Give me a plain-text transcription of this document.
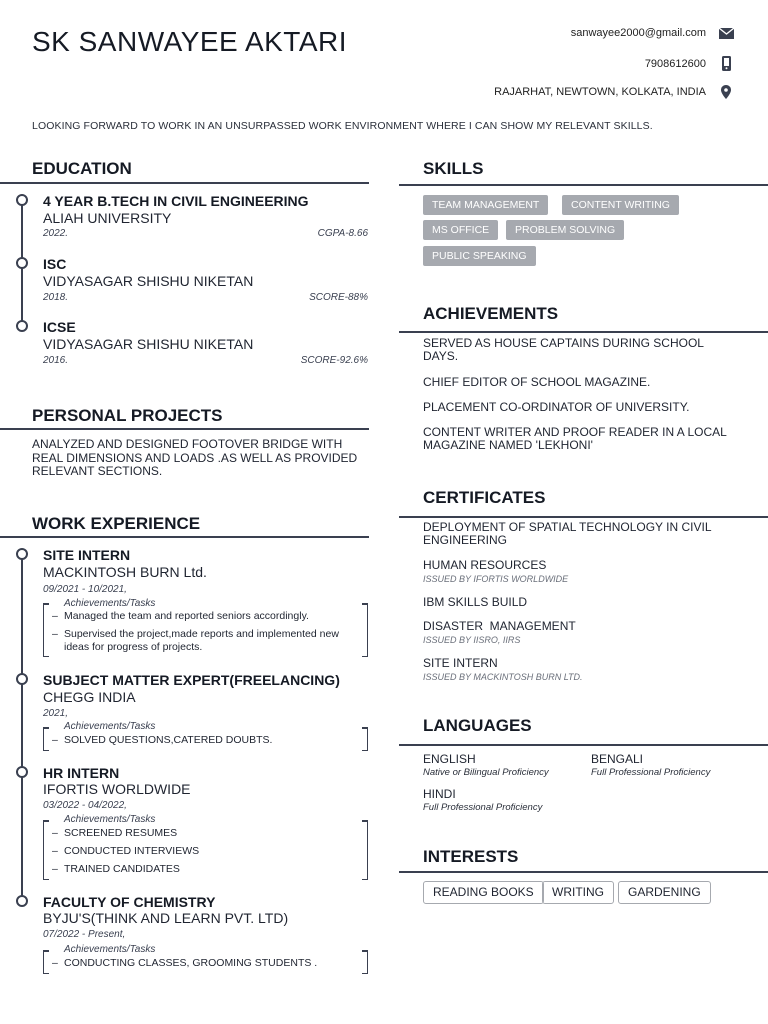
SK SANWAYEE AKTARI	sanwayee2000@gmail.com
7908612600
RAJARHAT, NEWTOWN, KOLKATA, INDIA
LOOKING FORWARD TO WORK IN AN UNSURPASSED WORK ENVIRONMENT WHERE I CAN SHOW MY RELEVANT SKILLS.
EDUCATION
4 YEAR B.TECH IN CIVIL ENGINEERING
ALIAH UNIVERSITY
2022.	CGPA-8.66
ISC
VIDYASAGAR SHISHU NIKETAN
2018.	SCORE-88%
ICSE
VIDYASAGAR SHISHU NIKETAN
2016.	SCORE-92.6%
PERSONAL PROJECTS
ANALYZED AND DESIGNED FOOTOVER BRIDGE WITH
REAL DIMENSIONS AND LOADS .AS WELL AS PROVIDED
RELEVANT SECTIONS.
WORK EXPERIENCE
SITE INTERN
MACKINTOSH BURN Ltd.
09/2021 - 10/2021,
Achievements/Tasks
– Managed the team and reported seniors accordingly.
– Supervised the project,made reports and implemented new ideas for progress of projects.
SUBJECT MATTER EXPERT(FREELANCING)
CHEGG INDIA
2021,
Achievements/Tasks
– SOLVED QUESTIONS,CATERED DOUBTS.
HR INTERN
IFORTIS WORLDWIDE
03/2022 - 04/2022,
Achievements/Tasks
– SCREENED RESUMES
– CONDUCTED INTERVIEWS
– TRAINED CANDIDATES
FACULTY OF CHEMISTRY
BYJU'S(THINK AND LEARN PVT. LTD)
07/2022 - Present,
Achievements/Tasks
– CONDUCTING CLASSES, GROOMING STUDENTS .
SKILLS
TEAM MANAGEMENT	CONTENT WRITING
MS OFFICE	PROBLEM SOLVING
PUBLIC SPEAKING
ACHIEVEMENTS
SERVED AS HOUSE CAPTAINS DURING SCHOOL DAYS.
CHIEF EDITOR OF SCHOOL MAGAZINE.
PLACEMENT CO-ORDINATOR OF UNIVERSITY.
CONTENT WRITER AND PROOF READER IN A LOCAL MAGAZINE NAMED 'LEKHONI'
CERTIFICATES
DEPLOYMENT OF SPATIAL TECHNOLOGY IN CIVIL ENGINEERING
HUMAN RESOURCES
ISSUED BY IFORTIS WORLDWIDE
IBM SKILLS BUILD
DISASTER  MANAGEMENT
ISSUED BY IISRO, IIRS
SITE INTERN
ISSUED BY MACKINTOSH BURN LTD.
LANGUAGES
ENGLISH
Native or Bilingual Proficiency
BENGALI
Full Professional Proficiency
HINDI
Full Professional Proficiency
INTERESTS
READING BOOKS	WRITING	GARDENING
